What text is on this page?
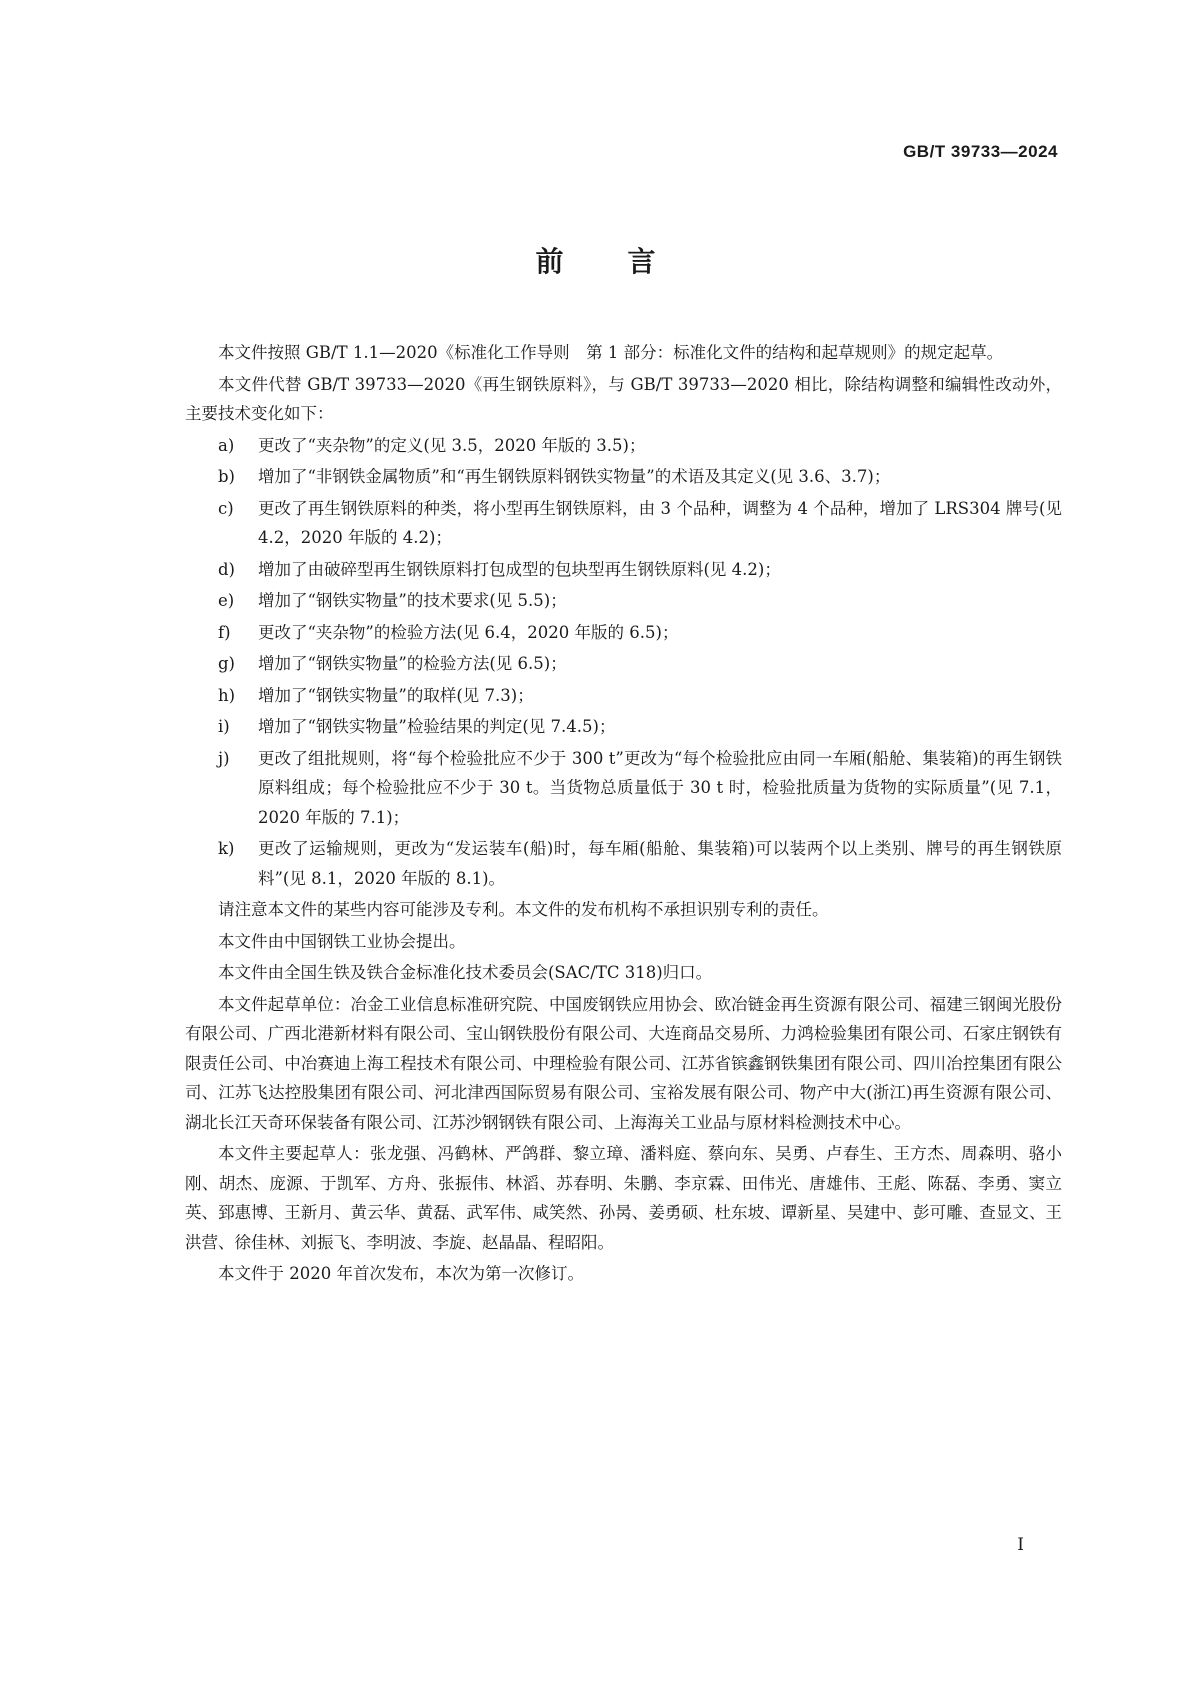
GB/T 39733—2024
前言

本文件按照 GB/T 1.1—2020《标准化工作导则　第 1 部分：标准化文件的结构和起草规则》的规定起草。

本文件代替 GB/T 39733—2020《再生钢铁原料》，与 GB/T 39733—2020 相比，除结构调整和编辑性改动外，主要技术变化如下：

a) 更改了“夹杂物”的定义(见 3.5，2020 年版的 3.5)；
b) 增加了“非钢铁金属物质”和“再生钢铁原料钢铁实物量”的术语及其定义(见 3.6、3.7)；
c) 更改了再生钢铁原料的种类，将小型再生钢铁原料，由 3 个品种，调整为 4 个品种，增加了 LRS304 牌号(见 4.2，2020 年版的 4.2)；
d) 增加了由破碎型再生钢铁原料打包成型的包块型再生钢铁原料(见 4.2)；
e) 增加了“钢铁实物量”的技术要求(见 5.5)；
f) 更改了“夹杂物”的检验方法(见 6.4，2020 年版的 6.5)；
g) 增加了“钢铁实物量”的检验方法(见 6.5)；
h) 增加了“钢铁实物量”的取样(见 7.3)；
i) 增加了“钢铁实物量”检验结果的判定(见 7.4.5)；
j) 更改了组批规则，将“每个检验批应不少于 300 t”更改为“每个检验批应由同一车厢(船舱、集装箱)的再生钢铁原料组成；每个检验批应不少于 30 t。当货物总质量低于 30 t 时，检验批质量为货物的实际质量”(见 7.1，2020 年版的 7.1)；
k) 更改了运输规则，更改为“发运装车(船)时，每车厢(船舱、集装箱)可以装两个以上类别、牌号的再生钢铁原料”(见 8.1，2020 年版的 8.1)。

请注意本文件的某些内容可能涉及专利。本文件的发布机构不承担识别专利的责任。

本文件由中国钢铁工业协会提出。

本文件由全国生铁及铁合金标准化技术委员会(SAC/TC 318)归口。

本文件起草单位：冶金工业信息标准研究院、中国废钢铁应用协会、欧冶链金再生资源有限公司、福建三钢闽光股份有限公司、广西北港新材料有限公司、宝山钢铁股份有限公司、大连商品交易所、力鸿检验集团有限公司、石家庄钢铁有限责任公司、中冶赛迪上海工程技术有限公司、中理检验有限公司、江苏省镔鑫钢铁集团有限公司、四川冶控集团有限公司、江苏飞达控股集团有限公司、河北津西国际贸易有限公司、宝裕发展有限公司、物产中大(浙江)再生资源有限公司、湖北长江天奇环保装备有限公司、江苏沙钢钢铁有限公司、上海海关工业品与原材料检测技术中心。

本文件主要起草人：张龙强、冯鹤林、严鸽群、黎立璋、潘料庭、蔡向东、吴勇、卢春生、王方杰、周森明、骆小刚、胡杰、庞源、于凯军、方舟、张振伟、林滔、苏春明、朱鹏、李京霖、田伟光、唐雄伟、王彪、陈磊、李勇、窦立英、郅惠博、王新月、黄云华、黄磊、武军伟、咸笑然、孙昺、姜勇硕、杜东坡、谭新星、吴建中、彭可雕、查显文、王洪营、徐佳林、刘振飞、李明波、李旋、赵晶晶、程昭阳。

本文件于 2020 年首次发布，本次为第一次修订。

I
